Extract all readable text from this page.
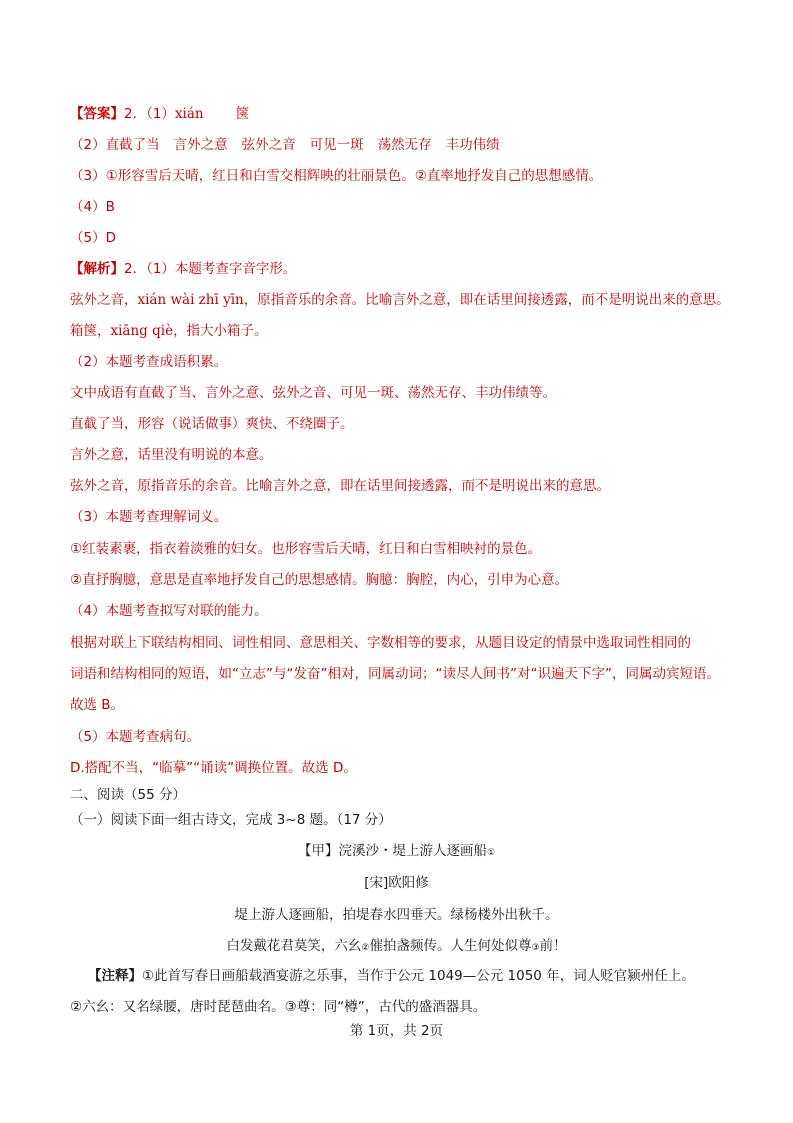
【答案】2．（1）xián 箧
（2）直截了当 言外之意 弦外之音 可见一斑 荡然无存 丰功伟绩
（3）①形容雪后天晴，红日和白雪交相辉映的壮丽景色。②直率地抒发自己的思想感情。
（4）B
（5）D
【解析】2．（1）本题考查字音字形。
弦外之音，xián wài zhī yīn，原指音乐的余音。比喻言外之意，即在话里间接透露，而不是明说出来的意思。
箱箧，xiāng qiè，指大小箱子。
（2）本题考查成语积累。
文中成语有直截了当、言外之意、弦外之音、可见一斑、荡然无存、丰功伟绩等。
直截了当，形容（说话做事）爽快、不绕圈子。
言外之意，话里没有明说的本意。
弦外之音，原指音乐的余音。比喻言外之意，即在话里间接透露，而不是明说出来的意思。
（3）本题考查理解词义。
①红装素裹，指衣着淡雅的妇女。也形容雪后天晴，红日和白雪相映衬的景色。
②直抒胸臆，意思是直率地抒发自己的思想感情。胸臆：胸腔，内心，引申为心意。
（4）本题考查拟写对联的能力。
根据对联上下联结构相同、词性相同、意思相关、字数相等的要求，从题目设定的情景中选取词性相同的
词语和结构相同的短语，如“立志”与“发奋”相对，同属动词；“读尽人间书”对“识遍天下字”，同属动宾短语。
故选 B。
（5）本题考查病句。
D.搭配不当，“临摹”“诵读”调换位置。故选 D。
二、阅读（55 分）
（一）阅读下面一组古诗文，完成 3~8 题。（17 分）
【甲】浣溪沙・堤上游人逐画船①
[宋]欧阳修
堤上游人逐画船，拍堤春水四垂天。绿杨楼外出秋千。
白发戴花君莫笑，六幺②催拍盏频传。人生何处似尊③前！
【注释】①此首写春日画船载酒宴游之乐事，当作于公元 1049—公元 1050 年，词人贬官颍州任上。
②六幺：又名绿腰，唐时琵琶曲名。③尊：同“樽”，古代的盛酒器具。
第 1页，共 2页
